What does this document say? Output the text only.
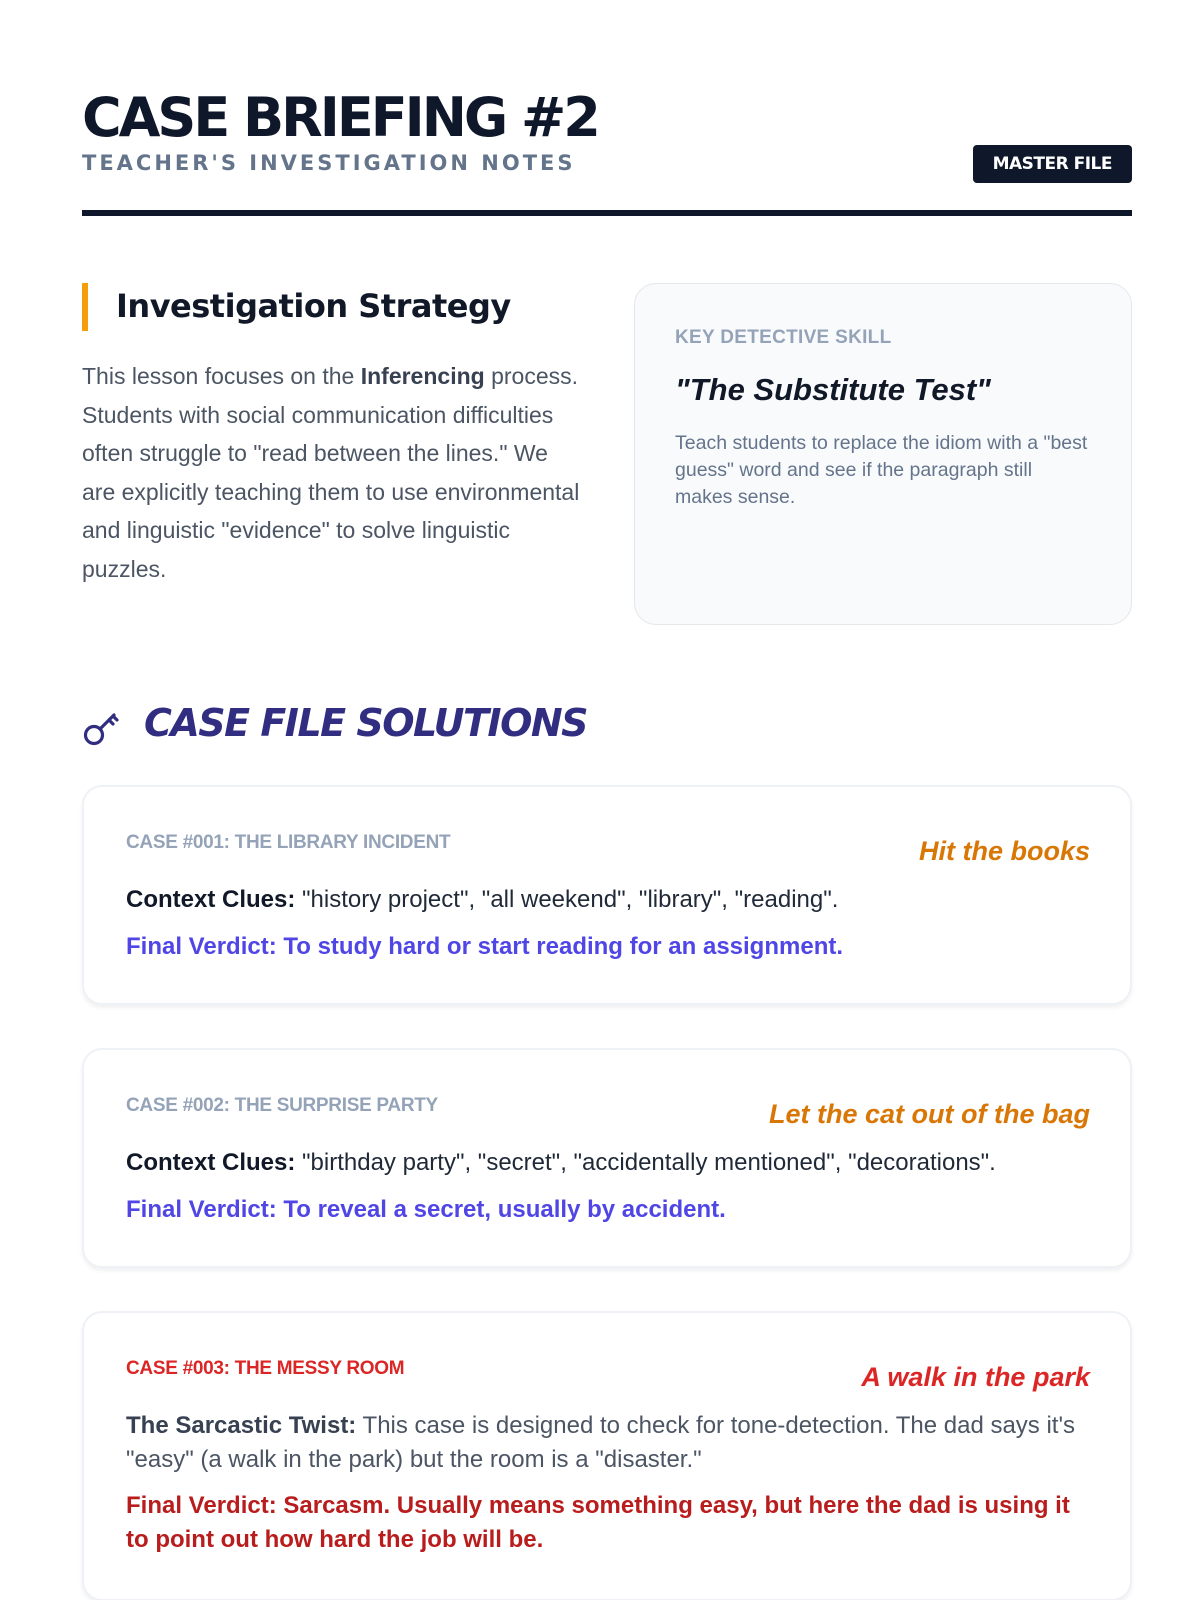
CASE BRIEFING #2
TEACHER'S INVESTIGATION NOTES	MASTER FILE
Investigation Strategy

This lesson focuses on the Inferencing process. Students with social communication difficulties often struggle to "read between the lines." We are explicitly teaching them to use environmental and linguistic "evidence" to solve linguistic puzzles.

KEY DETECTIVE SKILL
"The Substitute Test"
Teach students to replace the idiom with a "best guess" word and see if the paragraph still makes sense.
CASE FILE SOLUTIONS
CASE #001: THE LIBRARY INCIDENT	Hit the books
Context Clues: "history project", "all weekend", "library", "reading".
Final Verdict: To study hard or start reading for an assignment.
CASE #002: THE SURPRISE PARTY	Let the cat out of the bag
Context Clues: "birthday party", "secret", "accidentally mentioned", "decorations".
Final Verdict: To reveal a secret, usually by accident.
CASE #003: THE MESSY ROOM	A walk in the park
The Sarcastic Twist: This case is designed to check for tone-detection. The dad says it's "easy" (a walk in the park) but the room is a "disaster."
Final Verdict: Sarcasm. Usually means something easy, but here the dad is using it to point out how hard the job will be.
